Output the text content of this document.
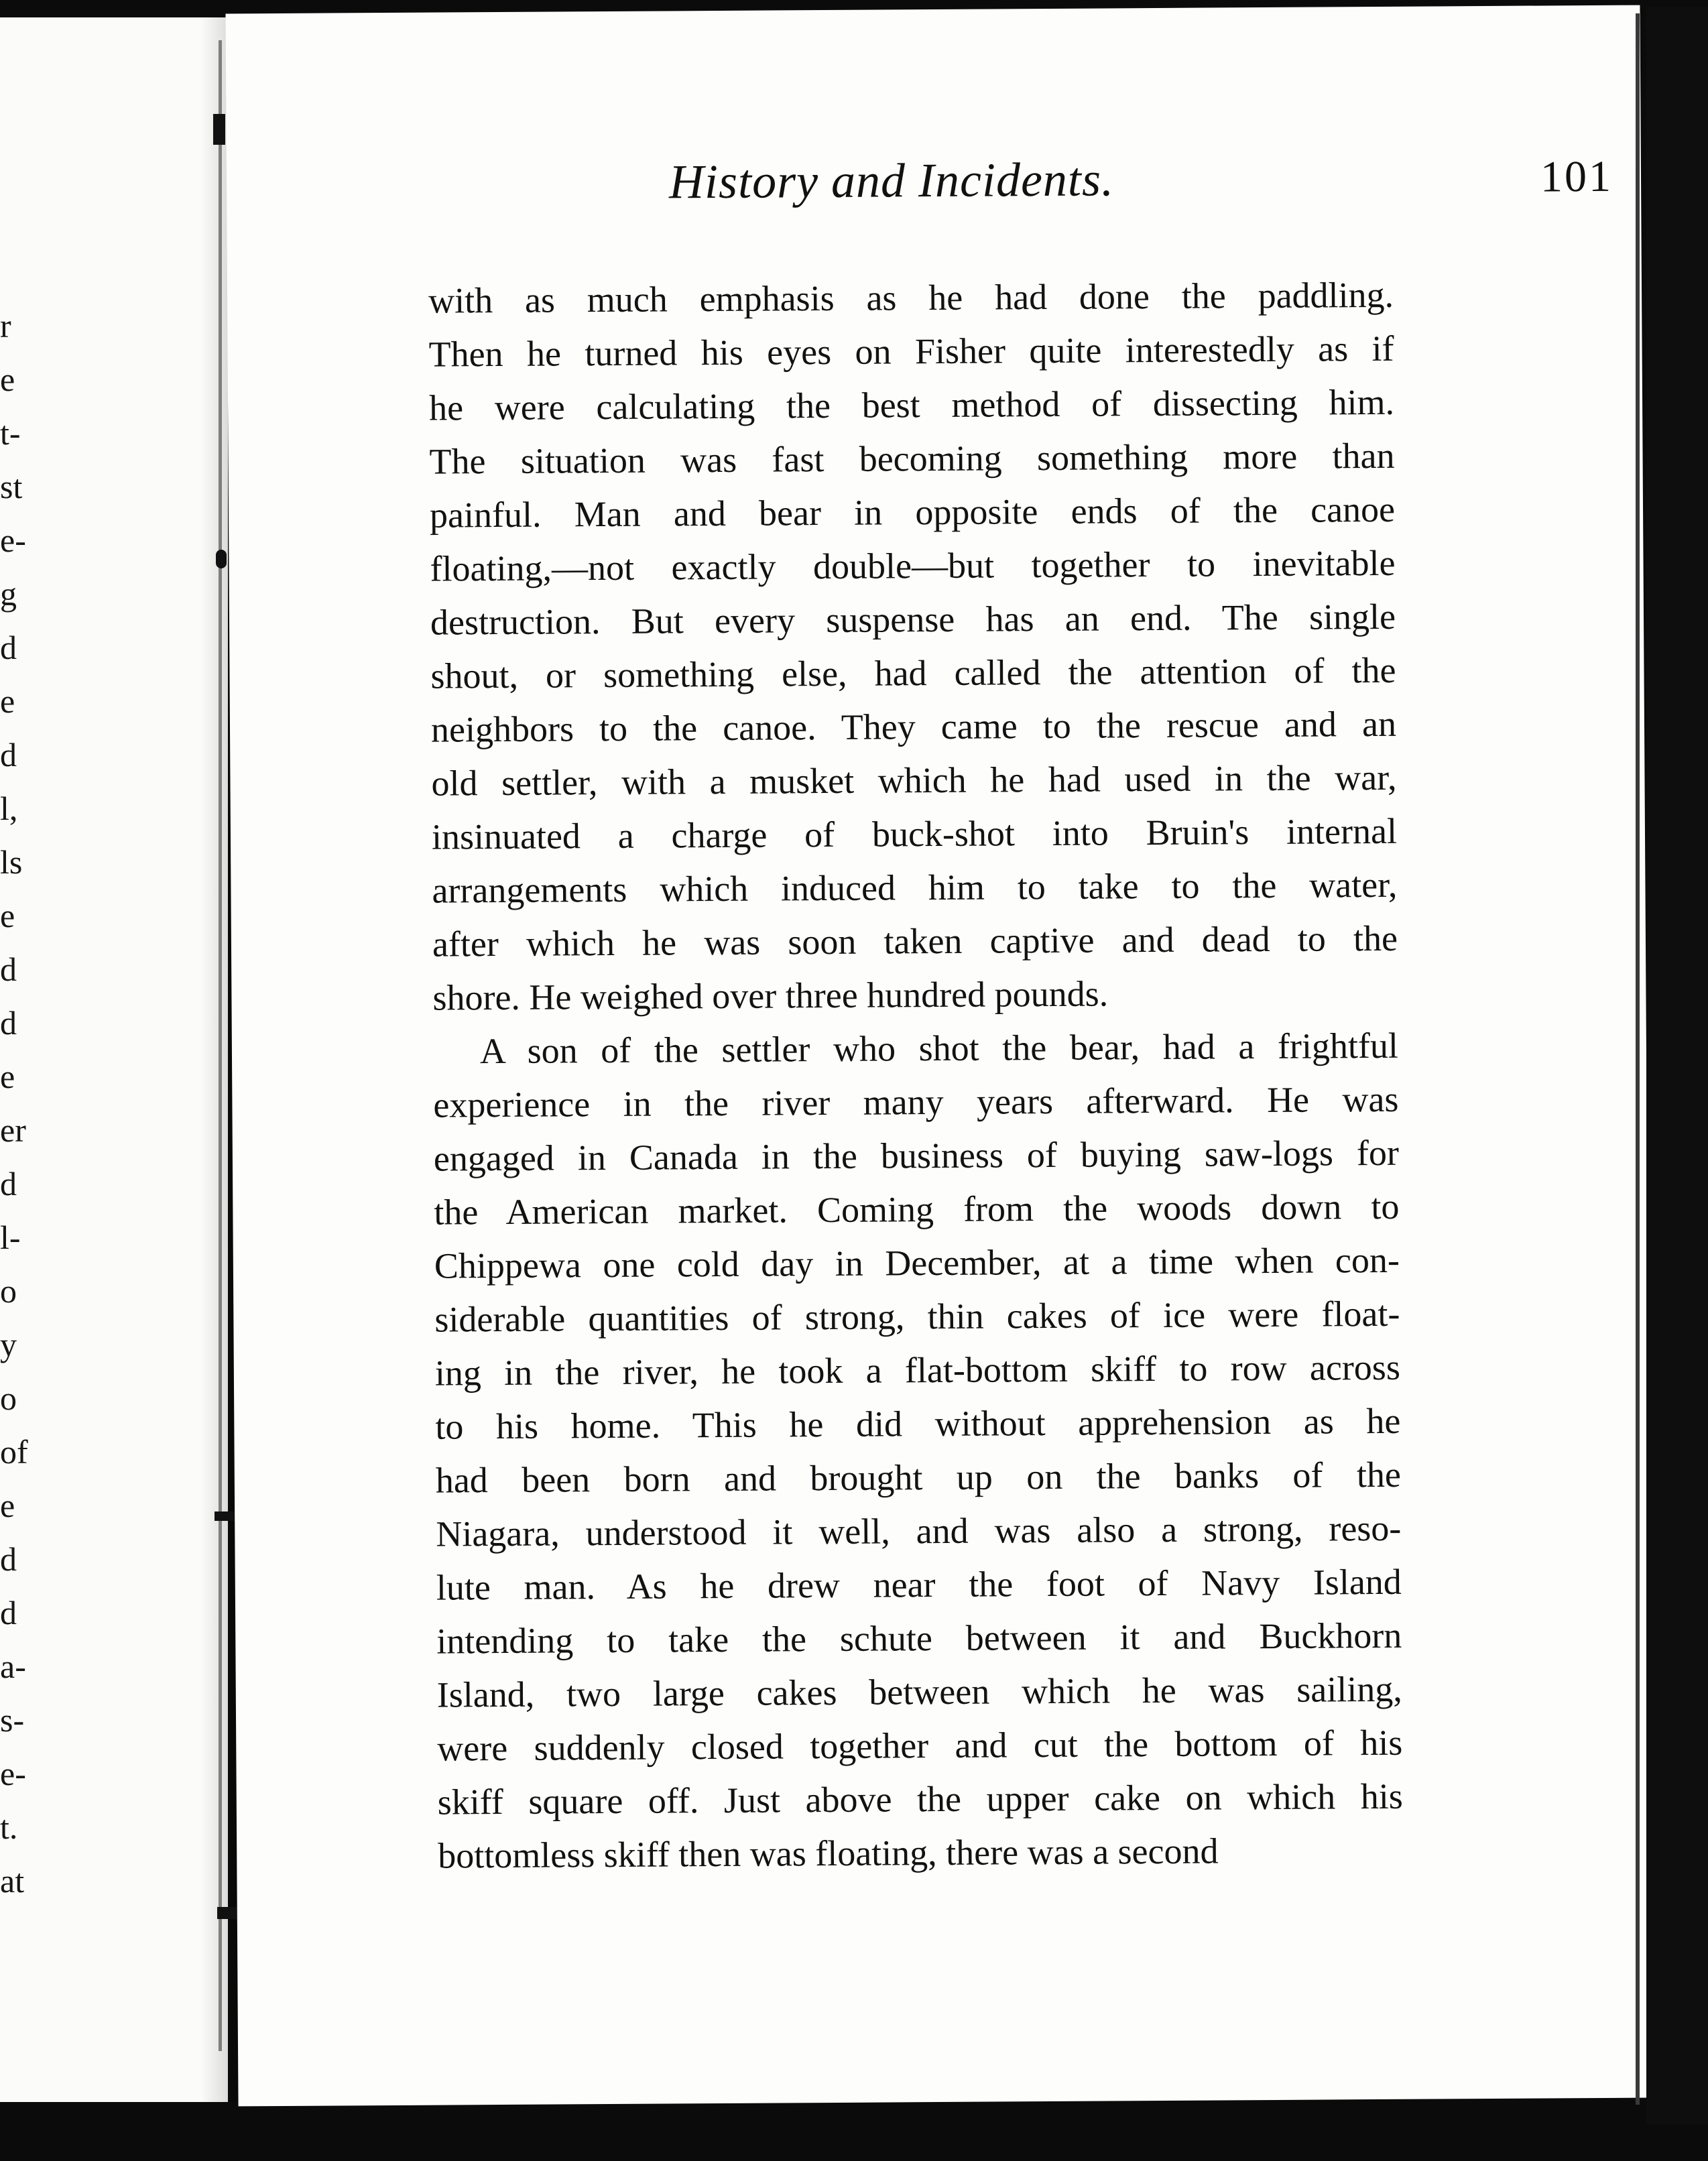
r
e
t-
st
e-
g
d
e
d
l,
ls
e
d
d
e
er
d
l-
o
y
o
of
e
d
d
a-
s-
e-
t.
at
History and Incidents.	101
with as much emphasis as he had done the paddling.
Then he turned his eyes on Fisher quite interestedly as if
he were calculating the best method of dissecting him.
The situation was fast becoming something more than
painful. Man and bear in opposite ends of the canoe
floating,—not exactly double—but together to inevitable
destruction. But every suspense has an end. The single
shout, or something else, had called the attention of the
neighbors to the canoe. They came to the rescue and an
old settler, with a musket which he had used in the war,
insinuated a charge of buck-shot into Bruin's internal
arrangements which induced him to take to the water,
after which he was soon taken captive and dead to the
shore. He weighed over three hundred pounds.
A son of the settler who shot the bear, had a frightful
experience in the river many years afterward. He was
engaged in Canada in the business of buying saw-logs for
the American market. Coming from the woods down to
Chippewa one cold day in December, at a time when con-
siderable quantities of strong, thin cakes of ice were float-
ing in the river, he took a flat-bottom skiff to row across
to his home. This he did without apprehension as he
had been born and brought up on the banks of the
Niagara, understood it well, and was also a strong, reso-
lute man. As he drew near the foot of Navy Island
intending to take the schute between it and Buckhorn
Island, two large cakes between which he was sailing,
were suddenly closed together and cut the bottom of his
skiff square off. Just above the upper cake on which his
bottomless skiff then was floating, there was a second
